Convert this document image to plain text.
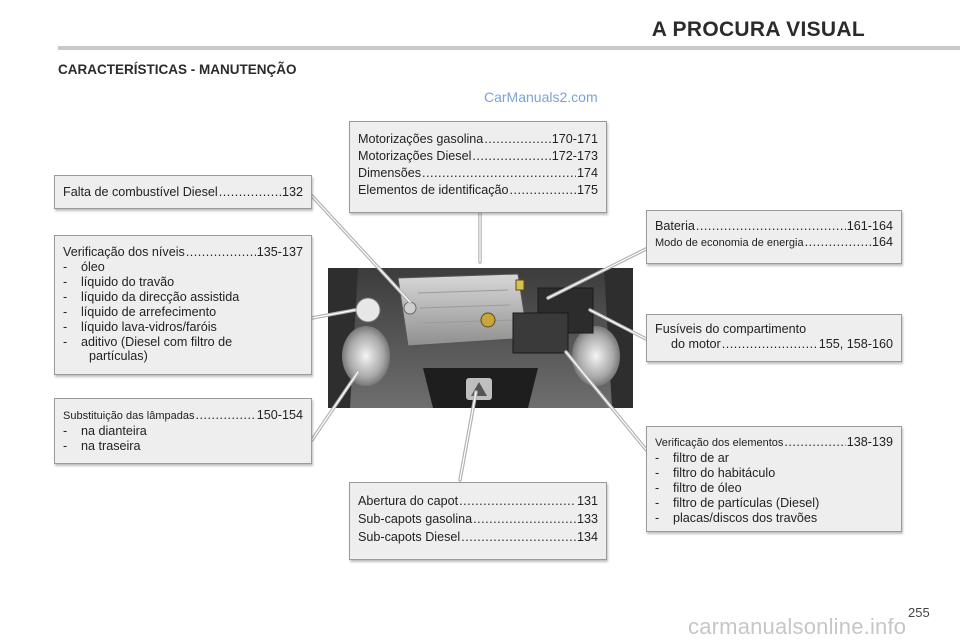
A PROCURA VISUAL
CARACTERÍSTICAS - MANUTENÇÃO
CarManuals2.com
Motorizações gasolina .....	170-171
Motorizações Diesel .....	172-173
Dimensões .....	174
Elementos de identificação .....	175
Falta de combustível Diesel .....	132
Verificação dos níveis .....	135-137
-	óleo
-	líquido do travão
-	líquido da direcção assistida
-	líquido de arrefecimento
-	líquido lava-vidros/faróis
-	aditivo (Diesel com filtro de
partículas)
Substituição das lâmpadas .....	150-154
-	na dianteira
-	na traseira
Bateria .....	161-164
Modo de economia de energia .....	164
Fusíveis do compartimento
do motor .....	155, 158-160
Verificação dos elementos .....	138-139
-	filtro de ar
-	filtro do habitáculo
-	filtro de óleo
-	filtro de partículas (Diesel)
-	placas/discos dos travões
Abertura do capot .....	131
Sub-capots gasolina .....	133
Sub-capots Diesel .....	134
255
carmanualsonline.info
